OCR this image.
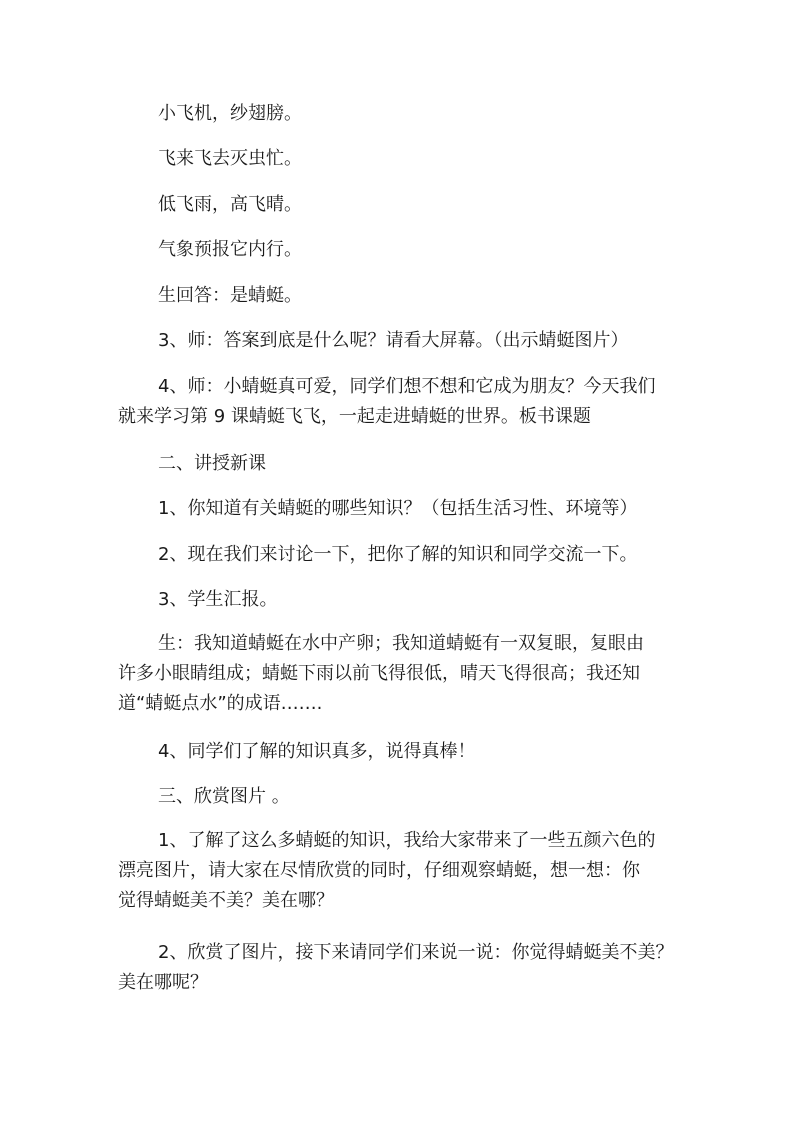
小飞机，纱翅膀。

飞来飞去灭虫忙。

低飞雨，高飞晴。

气象预报它内行。

生回答：是蜻蜓。

3、师：答案到底是什么呢？请看大屏幕。（出示蜻蜓图片）

4、师：小蜻蜓真可爱，同学们想不想和它成为朋友？今天我们
就来学习第 9 课蜻蜓飞飞，一起走进蜻蜓的世界。板书课题

二、讲授新课

1、你知道有关蜻蜓的哪些知识？（包括生活习性、环境等）

2、现在我们来讨论一下，把你了解的知识和同学交流一下。

3、学生汇报。

生：我知道蜻蜓在水中产卵；我知道蜻蜓有一双复眼，复眼由
许多小眼睛组成；蜻蜓下雨以前飞得很低，晴天飞得很高；我还知
道“蜻蜓点水”的成语…….

4、同学们了解的知识真多，说得真棒！

三、欣赏图片 。

1、了解了这么多蜻蜓的知识，我给大家带来了一些五颜六色的
漂亮图片，请大家在尽情欣赏的同时，仔细观察蜻蜓，想一想：你
觉得蜻蜓美不美？美在哪？
2、欣赏了图片，接下来请同学们来说一说：你觉得蜻蜓美不美？
美在哪呢？
